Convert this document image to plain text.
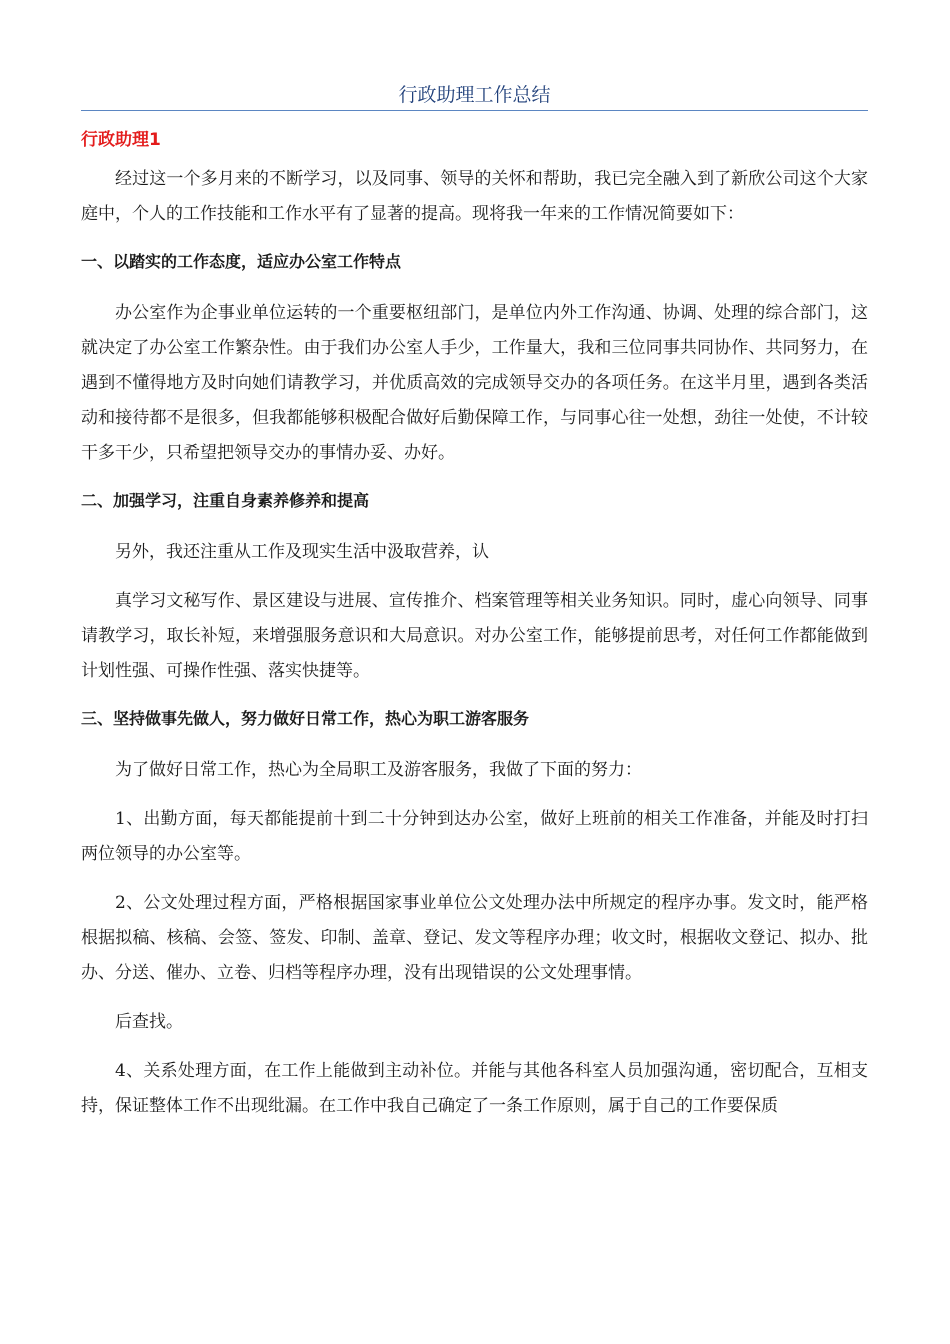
行政助理工作总结
行政助理1

经过这一个多月来的不断学习，以及同事、领导的关怀和帮助，我已完全融入到了新欣公司这个大家庭中，个人的工作技能和工作水平有了显著的提高。现将我一年来的工作情况简要如下：

一、以踏实的工作态度，适应办公室工作特点

办公室作为企事业单位运转的一个重要枢纽部门，是单位内外工作沟通、协调、处理的综合部门，这就决定了办公室工作繁杂性。由于我们办公室人手少，工作量大，我和三位同事共同协作、共同努力，在遇到不懂得地方及时向她们请教学习，并优质高效的完成领导交办的各项任务。在这半月里，遇到各类活动和接待都不是很多，但我都能够积极配合做好后勤保障工作，与同事心往一处想，劲往一处使，不计较干多干少，只希望把领导交办的事情办妥、办好。

二、加强学习，注重自身素养修养和提高

另外，我还注重从工作及现实生活中汲取营养，认

真学习文秘写作、景区建设与进展、宣传推介、档案管理等相关业务知识。同时，虚心向领导、同事请教学习，取长补短，来增强服务意识和大局意识。对办公室工作，能够提前思考，对任何工作都能做到计划性强、可操作性强、落实快捷等。

三、坚持做事先做人，努力做好日常工作，热心为职工游客服务

为了做好日常工作，热心为全局职工及游客服务，我做了下面的努力：

1、出勤方面，每天都能提前十到二十分钟到达办公室，做好上班前的相关工作准备，并能及时打扫两位领导的办公室等。

2、公文处理过程方面，严格根据国家事业单位公文处理办法中所规定的程序办事。发文时，能严格根据拟稿、核稿、会签、签发、印制、盖章、登记、发文等程序办理；收文时，根据收文登记、拟办、批办、分送、催办、立卷、归档等程序办理，没有出现错误的公文处理事情。

后查找。

4、关系处理方面，在工作上能做到主动补位。并能与其他各科室人员加强沟通，密切配合，互相支持，保证整体工作不出现纰漏。在工作中我自己确定了一条工作原则，属于自己的工作要保质
